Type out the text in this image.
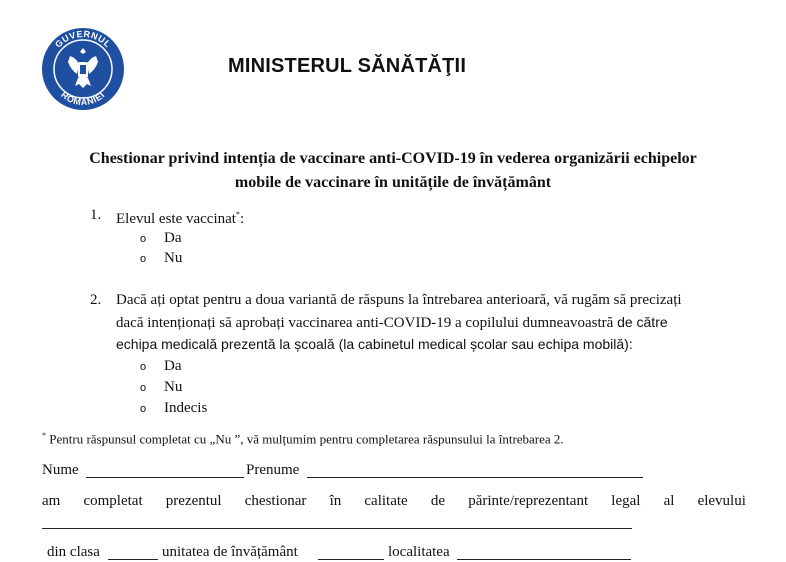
GUVERNUL
ROMÂNIEI
MINISTERUL SĂNĂTĂŢII
Chestionar privind intenția de vaccinare anti-COVID-19 în vederea organizării echipelor
mobile de vaccinare în unitățile de învățământ
1. Elevul este vaccinat*:
o Da
o Nu
2. Dacă ați optat pentru a doua variantă de răspuns la întrebarea anterioară, vă rugăm să precizați
dacă intenționați să aprobați vaccinarea anti-COVID-19 a copilului dumneavoastră de către
echipa medicală prezentă la școală (la cabinetul medical școlar sau echipa mobilă):
o Da
o Nu
o Indecis
* Pentru răspunsul completat cu „Nu ”, vă mulțumim pentru completarea răspunsului la întrebarea 2.
Nume	Prenume
am completat prezentul chestionar în calitate de părinte/reprezentant legal al elevului
din clasa	unitatea de învățământ	localitatea
